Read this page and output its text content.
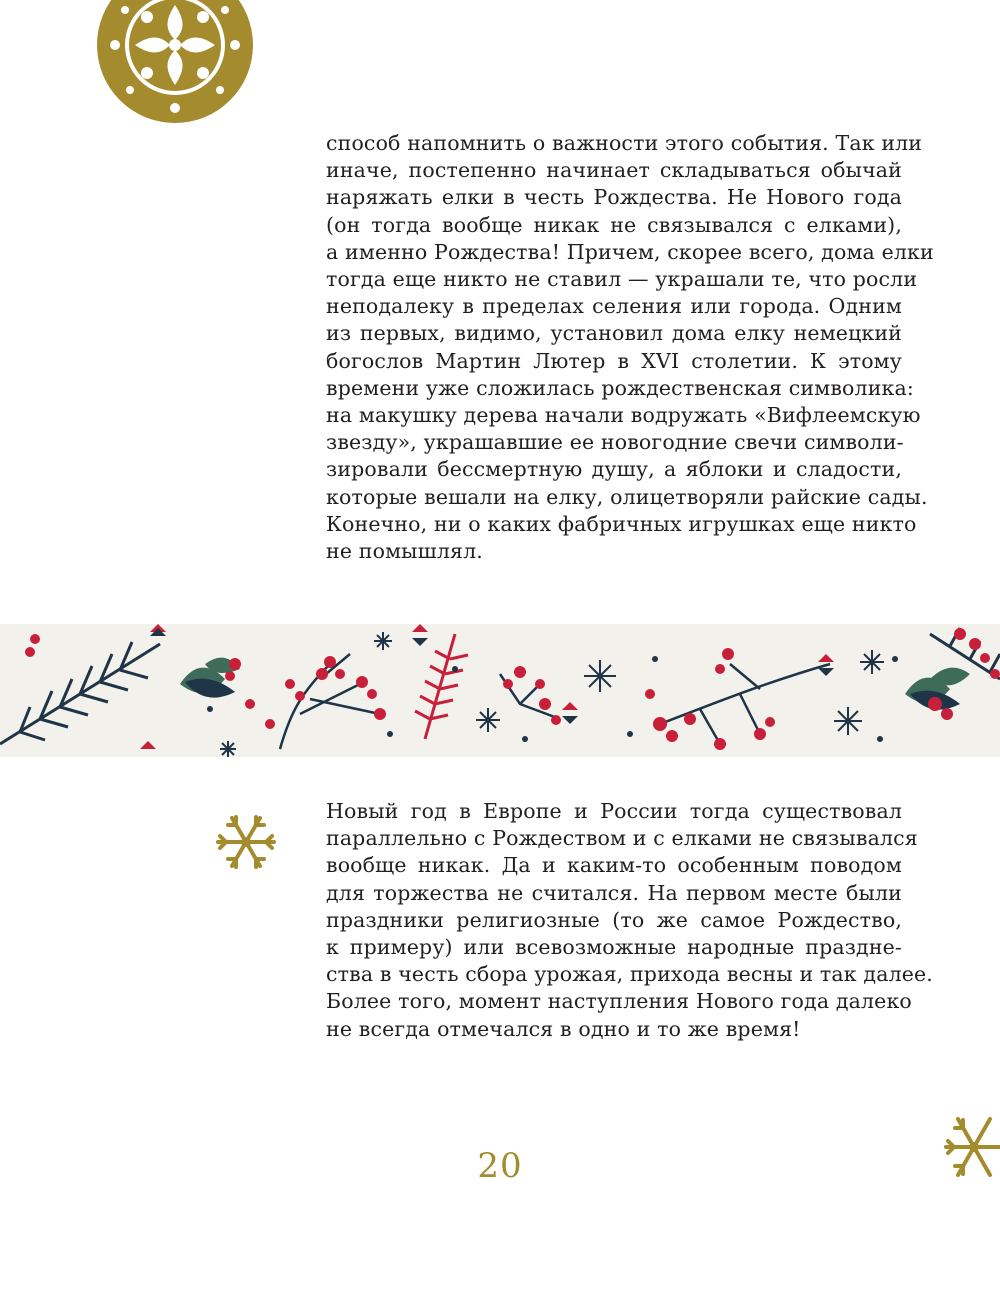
способ напомнить о важности этого события. Так или
иначе, постепенно начинает складываться обычай
наряжать елки в честь Рождества. Не Нового года
(он тогда вообще никак не связывался с елками),
а именно Рождества! Причем, скорее всего, дома елки
тогда еще никто не ставил — украшали те, что росли
неподалеку в пределах селения или города. Одним
из первых, видимо, установил дома елку немецкий
богослов Мартин Лютер в XVI столетии. К этому
времени уже сложилась рождественская символика:
на макушку дерева начали водружать «Вифлеемскую
звезду», украшавшие ее новогодние свечи символи-
зировали бессмертную душу, а яблоки и сладости,
которые вешали на елку, олицетворяли райские сады.
Конечно, ни о каких фабричных игрушках еще никто
не помышлял.
Новый год в Европе и России тогда существовал
параллельно с Рождеством и с елками не связывался
вообще никак. Да и каким-то особенным поводом
для торжества не считался. На первом месте были
праздники религиозные (то же самое Рождество,
к примеру) или всевозможные народные праздне-
ства в честь сбора урожая, прихода весны и так далее.
Более того, момент наступления Нового года далеко
не всегда отмечался в одно и то же время!
20
